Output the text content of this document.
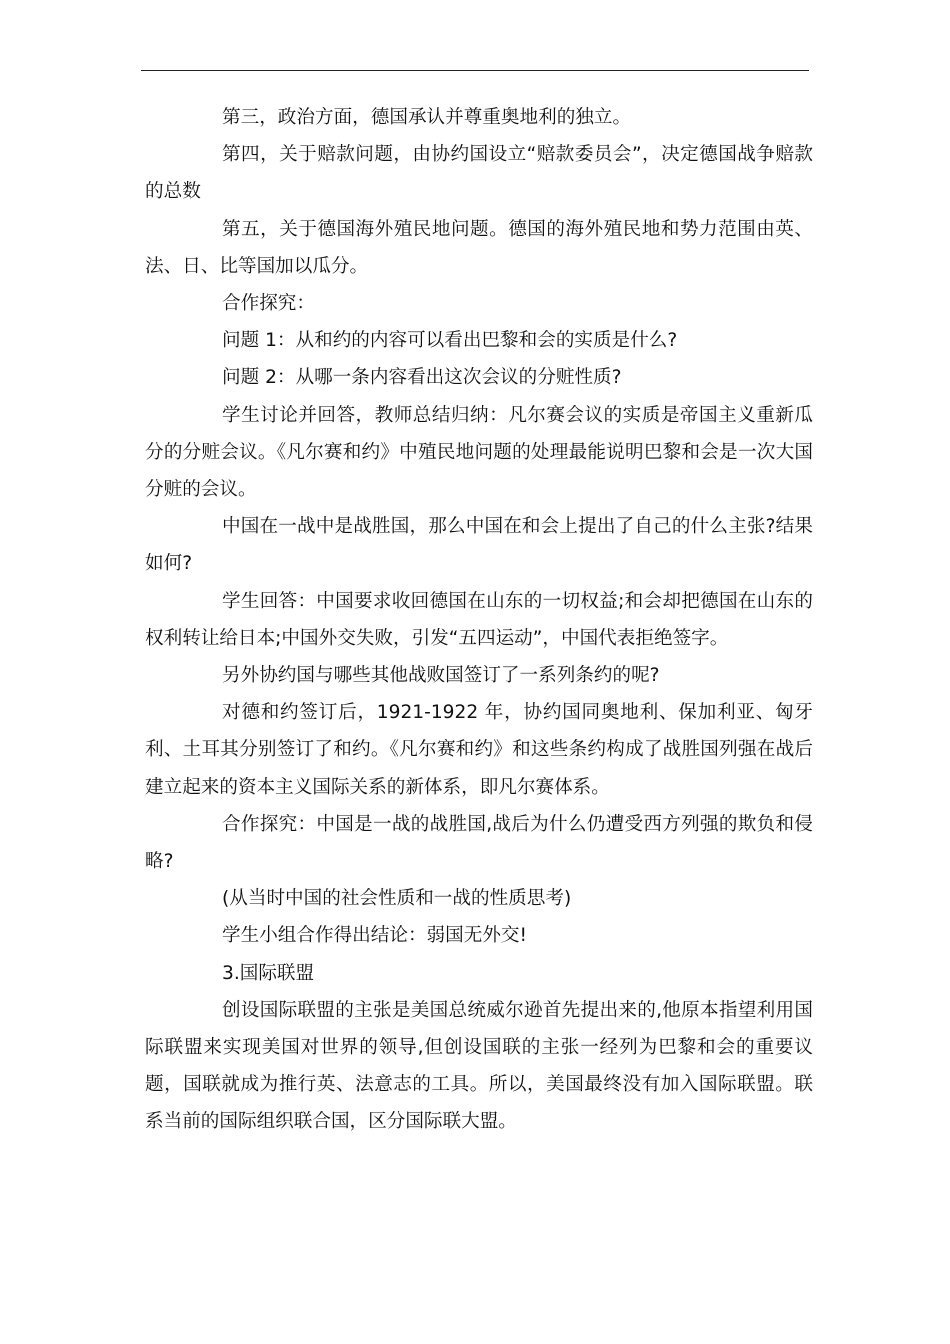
第三，政治方面，德国承认并尊重奥地利的独立。

第四，关于赔款问题，由协约国设立“赔款委员会”，决定德国战争赔款的总数

第五，关于德国海外殖民地问题。德国的海外殖民地和势力范围由英、法、日、比等国加以瓜分。

合作探究：

问题 1：从和约的内容可以看出巴黎和会的实质是什么?

问题 2：从哪一条内容看出这次会议的分赃性质?

学生讨论并回答，教师总结归纳：凡尔赛会议的实质是帝国主义重新瓜分的分赃会议。《凡尔赛和约》中殖民地问题的处理最能说明巴黎和会是一次大国分赃的会议。

中国在一战中是战胜国，那么中国在和会上提出了自己的什么主张?结果如何?

学生回答：中国要求收回德国在山东的一切权益;和会却把德国在山东的权利转让给日本;中国外交失败，引发“五四运动”，中国代表拒绝签字。

另外协约国与哪些其他战败国签订了一系列条约的呢?

对德和约签订后，1921-1922 年，协约国同奥地利、保加利亚、匈牙利、土耳其分别签订了和约。《凡尔赛和约》和这些条约构成了战胜国列强在战后建立起来的资本主义国际关系的新体系，即凡尔赛体系。

合作探究：中国是一战的战胜国,战后为什么仍遭受西方列强的欺负和侵略?

(从当时中国的社会性质和一战的性质思考)

学生小组合作得出结论：弱国无外交!

3.国际联盟

创设国际联盟的主张是美国总统威尔逊首先提出来的,他原本指望利用国际联盟来实现美国对世界的领导,但创设国联的主张一经列为巴黎和会的重要议题，国联就成为推行英、法意志的工具。所以，美国最终没有加入国际联盟。联系当前的国际组织联合国，区分国际联大盟。
